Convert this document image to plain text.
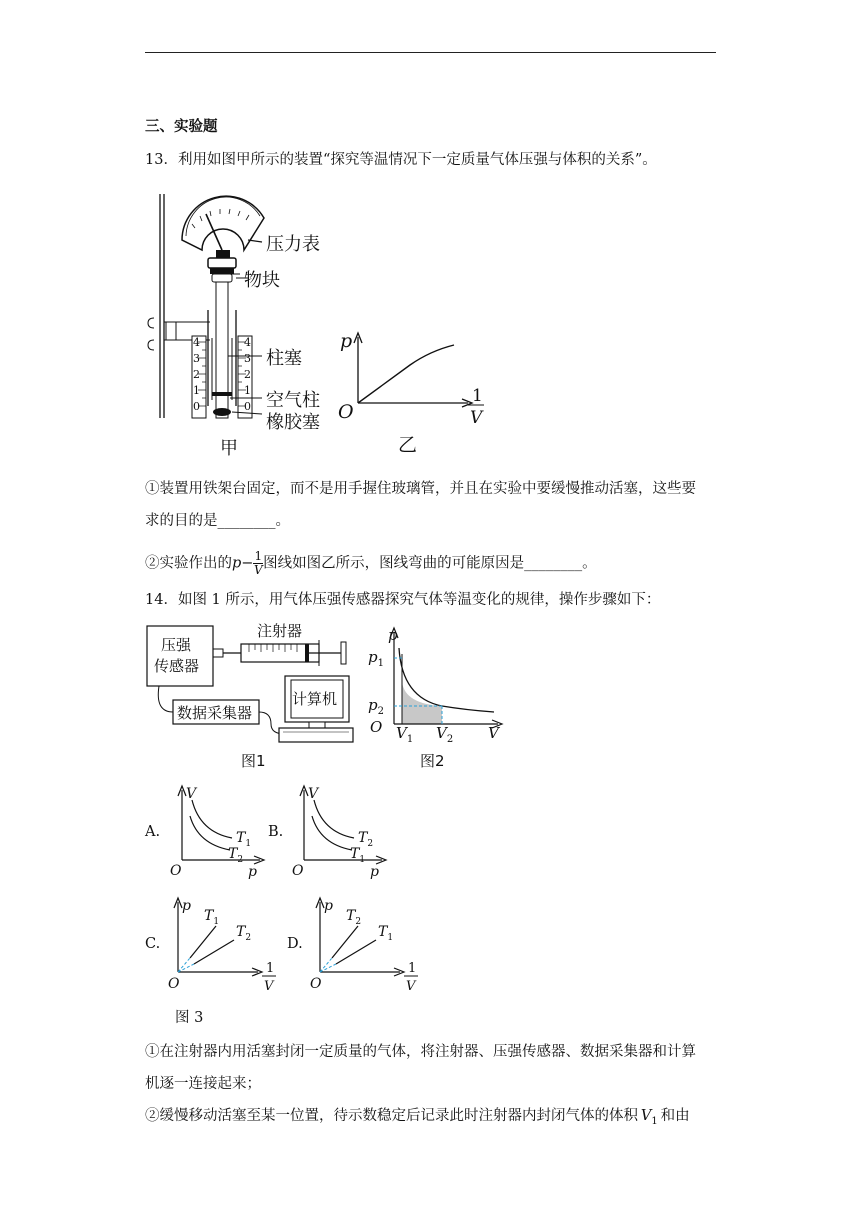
三、实验题
13．利用如图甲所示的装置“探究等温情况下一定质量气体压强与体积的关系”。
4
3
2
1
0
4
3
2
1
0
压力表
物块
柱塞
空气柱
橡胶塞
甲
p
O
1
V
乙
①装置用铁架台固定，而不是用手握住玻璃管，并且在实验中要缓慢推动活塞，这些要
求的目的是________。
②实验作出的$p- \frac{1}{V}$ 图线如图乙所示，图线弯曲的可能原因是________。
14．如图 1 所示，用气体压强传感器探究气体等温变化的规律，操作步骤如下：
压强
传感器
注射器
数据采集器
计算机
图1
p
$p_1$
$p_2$
O $V_1$ $V_2$ V
图2
A.
V
O	p
$T_1$
$T_2$
B.
V
O	p
$T_2$
$T_1$
C.
p
O
1
V
$T_1$
$T_2$ D.
p
O
1
V
$T_2$
$T_1$
图 3
①在注射器内用活塞封闭一定质量的气体，将注射器、压强传感器、数据采集器和计算
机逐一连接起来；
②缓慢移动活塞至某一位置，待示数稳定后记录此时注射器内封闭气体的体积  $V_1$  和由
